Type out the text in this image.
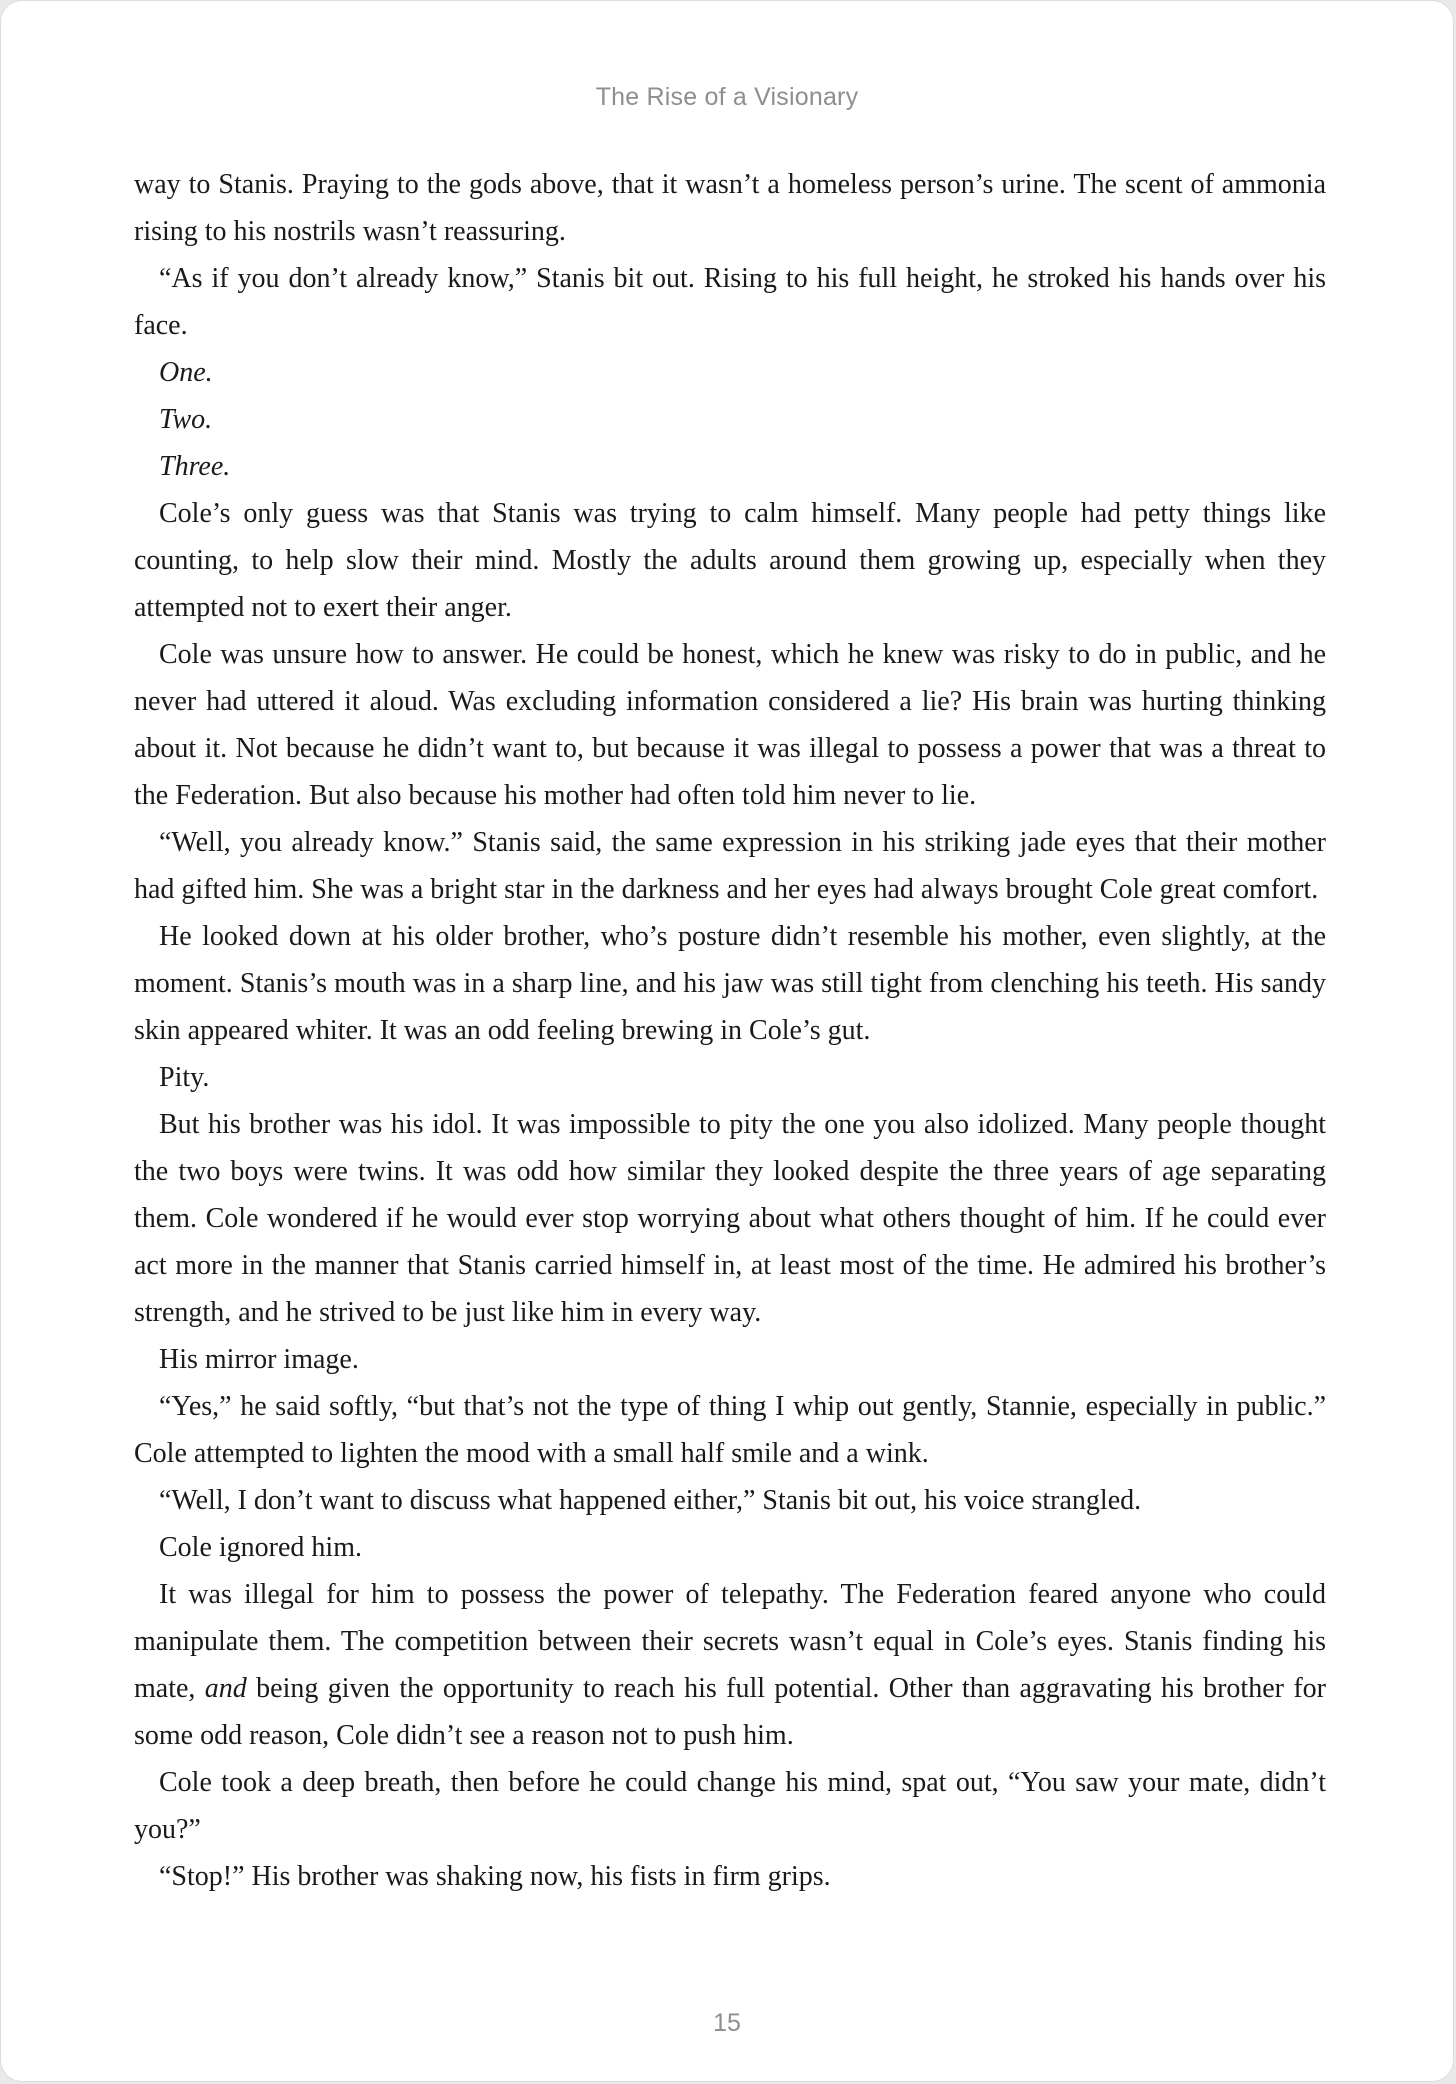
The Rise of a Visionary

way to Stanis. Praying to the gods above, that it wasn’t a homeless person’s urine. The scent of ammonia rising to his nostrils wasn’t reassuring.

“As if you don’t already know,” Stanis bit out. Rising to his full height, he stroked his hands over his face.

One.

Two.

Three.

Cole’s only guess was that Stanis was trying to calm himself. Many people had petty things like counting, to help slow their mind. Mostly the adults around them growing up, especially when they attempted not to exert their anger.

Cole was unsure how to answer. He could be honest, which he knew was risky to do in public, and he never had uttered it aloud. Was excluding information considered a lie? His brain was hurting thinking about it. Not because he didn’t want to, but because it was illegal to possess a power that was a threat to the Federation. But also because his mother had often told him never to lie.

“Well, you already know.” Stanis said, the same expression in his striking jade eyes that their mother had gifted him. She was a bright star in the darkness and her eyes had always brought Cole great comfort.

He looked down at his older brother, who’s posture didn’t resemble his mother, even slightly, at the moment. Stanis’s mouth was in a sharp line, and his jaw was still tight from clenching his teeth. His sandy skin appeared whiter. It was an odd feeling brewing in Cole’s gut.

Pity.

But his brother was his idol. It was impossible to pity the one you also idolized. Many people thought the two boys were twins. It was odd how similar they looked despite the three years of age separating them. Cole wondered if he would ever stop worrying about what others thought of him. If he could ever act more in the manner that Stanis carried himself in, at least most of the time. He admired his brother’s strength, and he strived to be just like him in every way.

His mirror image.

“Yes,” he said softly, “but that’s not the type of thing I whip out gently, Stannie, especially in public.” Cole attempted to lighten the mood with a small half smile and a wink.

“Well, I don’t want to discuss what happened either,” Stanis bit out, his voice strangled.

Cole ignored him.

It was illegal for him to possess the power of telepathy. The Federation feared anyone who could manipulate them. The competition between their secrets wasn’t equal in Cole’s eyes. Stanis finding his mate, and being given the opportunity to reach his full potential. Other than aggravating his brother for some odd reason, Cole didn’t see a reason not to push him.

Cole took a deep breath, then before he could change his mind, spat out, “You saw your mate, didn’t you?”

“Stop!” His brother was shaking now, his fists in firm grips.

15
